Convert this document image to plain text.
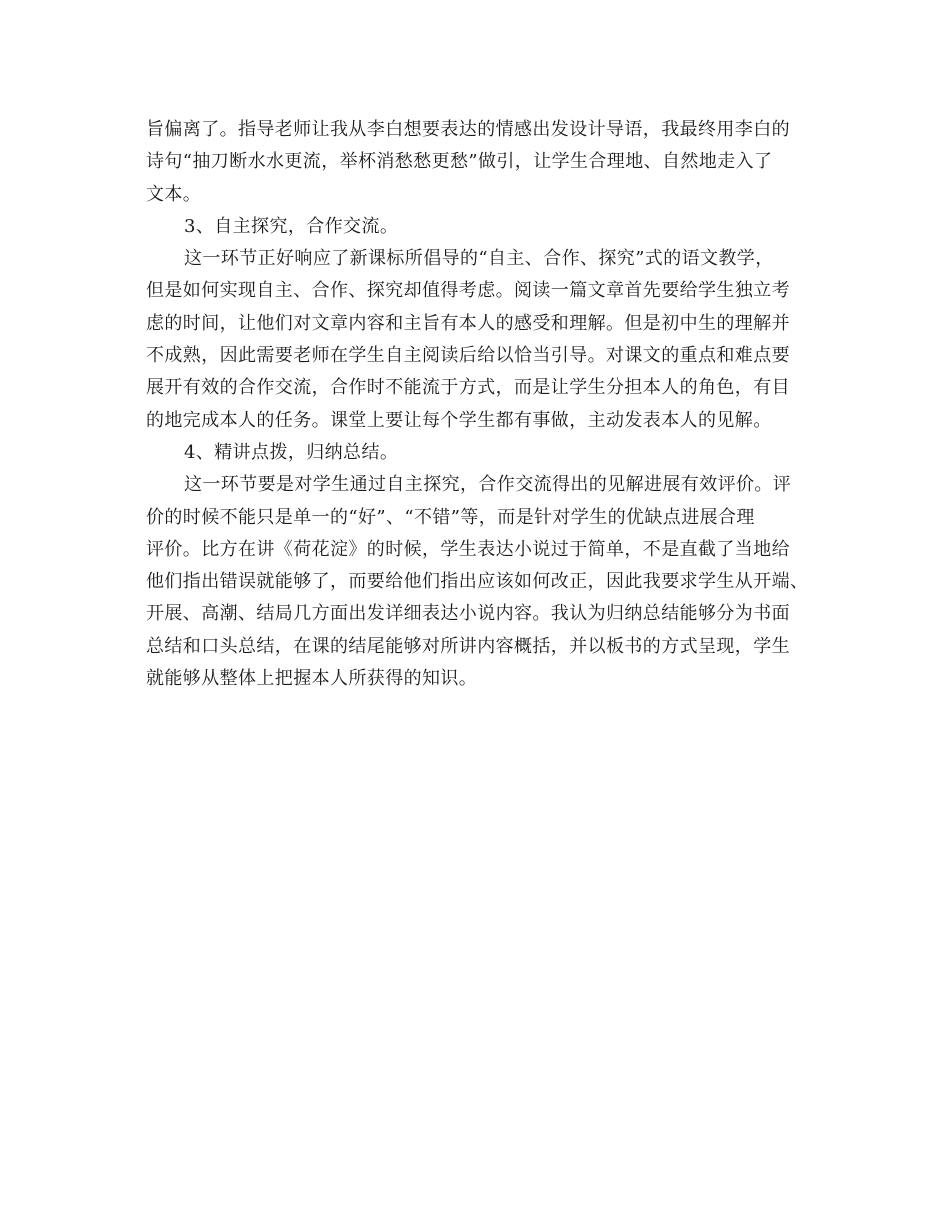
旨偏离了。指导老师让我从李白想要表达的情感出发设计导语，我最终用李白的
诗句“抽刀断水水更流，举杯消愁愁更愁”做引，让学生合理地、自然地走入了
文本。
3、自主探究，合作交流。
这一环节正好响应了新课标所倡导的“自主、合作、探究”式的语文教学，
但是如何实现自主、合作、探究却值得考虑。阅读一篇文章首先要给学生独立考
虑的时间，让他们对文章内容和主旨有本人的感受和理解。但是初中生的理解并
不成熟，因此需要老师在学生自主阅读后给以恰当引导。对课文的重点和难点要
展开有效的合作交流，合作时不能流于方式，而是让学生分担本人的角色，有目
的地完成本人的任务。课堂上要让每个学生都有事做，主动发表本人的见解。
4、精讲点拨，归纳总结。
这一环节要是对学生通过自主探究，合作交流得出的见解进展有效评价。评
价的时候不能只是单一的“好”、“不错”等，而是针对学生的优缺点进展合理
评价。比方在讲《荷花淀》的时候，学生表达小说过于简单，不是直截了当地给
他们指出错误就能够了，而要给他们指出应该如何改正，因此我要求学生从开端、
开展、高潮、结局几方面出发详细表达小说内容。我认为归纳总结能够分为书面
总结和口头总结，在课的结尾能够对所讲内容概括，并以板书的方式呈现，学生
就能够从整体上把握本人所获得的知识。
